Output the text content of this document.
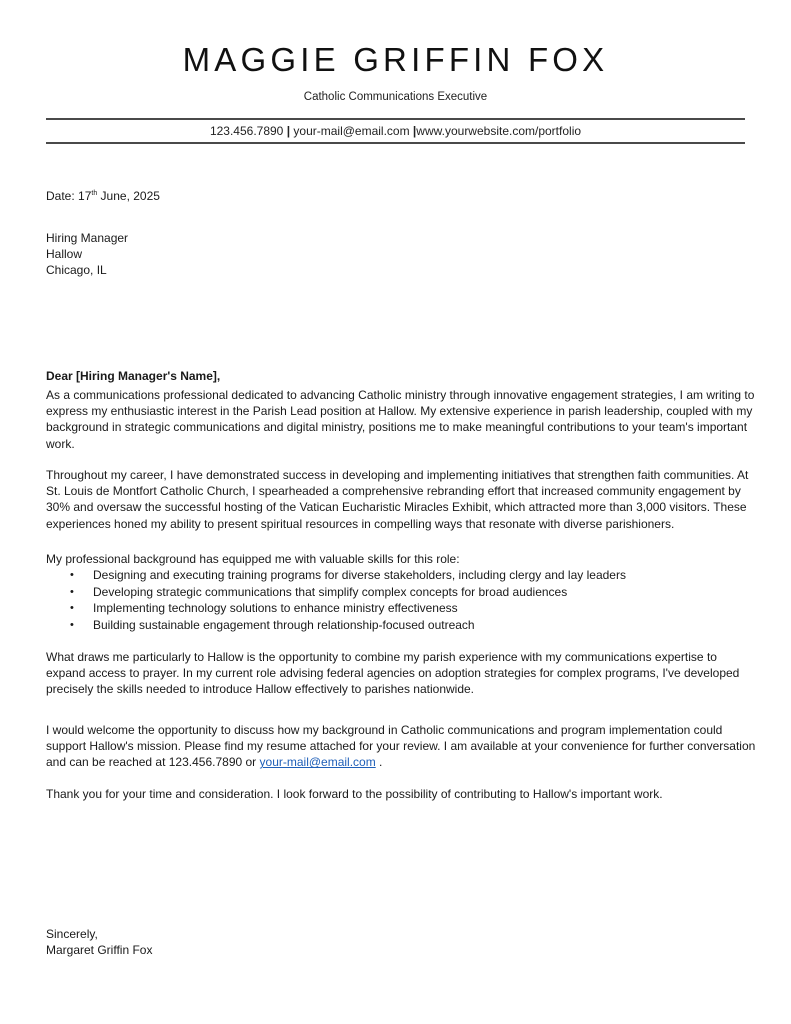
MAGGIE GRIFFIN FOX
Catholic Communications Executive
123.456.7890 | your-mail@email.com |www.yourwebsite.com/portfolio
Date: 17th June, 2025
Hiring Manager
Hallow
Chicago, IL
Dear [Hiring Manager's Name],

As a communications professional dedicated to advancing Catholic ministry through innovative engagement strategies, I am writing to express my enthusiastic interest in the Parish Lead position at Hallow. My extensive experience in parish leadership, coupled with my background in strategic communications and digital ministry, positions me to make meaningful contributions to your team's important work.

Throughout my career, I have demonstrated success in developing and implementing initiatives that strengthen faith communities. At St. Louis de Montfort Catholic Church, I spearheaded a comprehensive rebranding effort that increased community engagement by 30% and oversaw the successful hosting of the Vatican Eucharistic Miracles Exhibit, which attracted more than 3,000 visitors. These experiences honed my ability to present spiritual resources in compelling ways that resonate with diverse parishioners.

My professional background has equipped me with valuable skills for this role:

• Designing and executing training programs for diverse stakeholders, including clergy and lay leaders
• Developing strategic communications that simplify complex concepts for broad audiences
• Implementing technology solutions to enhance ministry effectiveness
• Building sustainable engagement through relationship-focused outreach

What draws me particularly to Hallow is the opportunity to combine my parish experience with my communications expertise to expand access to prayer. In my current role advising federal agencies on adoption strategies for complex programs, I've developed precisely the skills needed to introduce Hallow effectively to parishes nationwide.

I would welcome the opportunity to discuss how my background in Catholic communications and program implementation could support Hallow's mission. Please find my resume attached for your review. I am available at your convenience for further conversation and can be reached at 123.456.7890 or your-mail@email.com .

Thank you for your time and consideration. I look forward to the possibility of contributing to Hallow's important work.

Sincerely,
Margaret Griffin Fox
